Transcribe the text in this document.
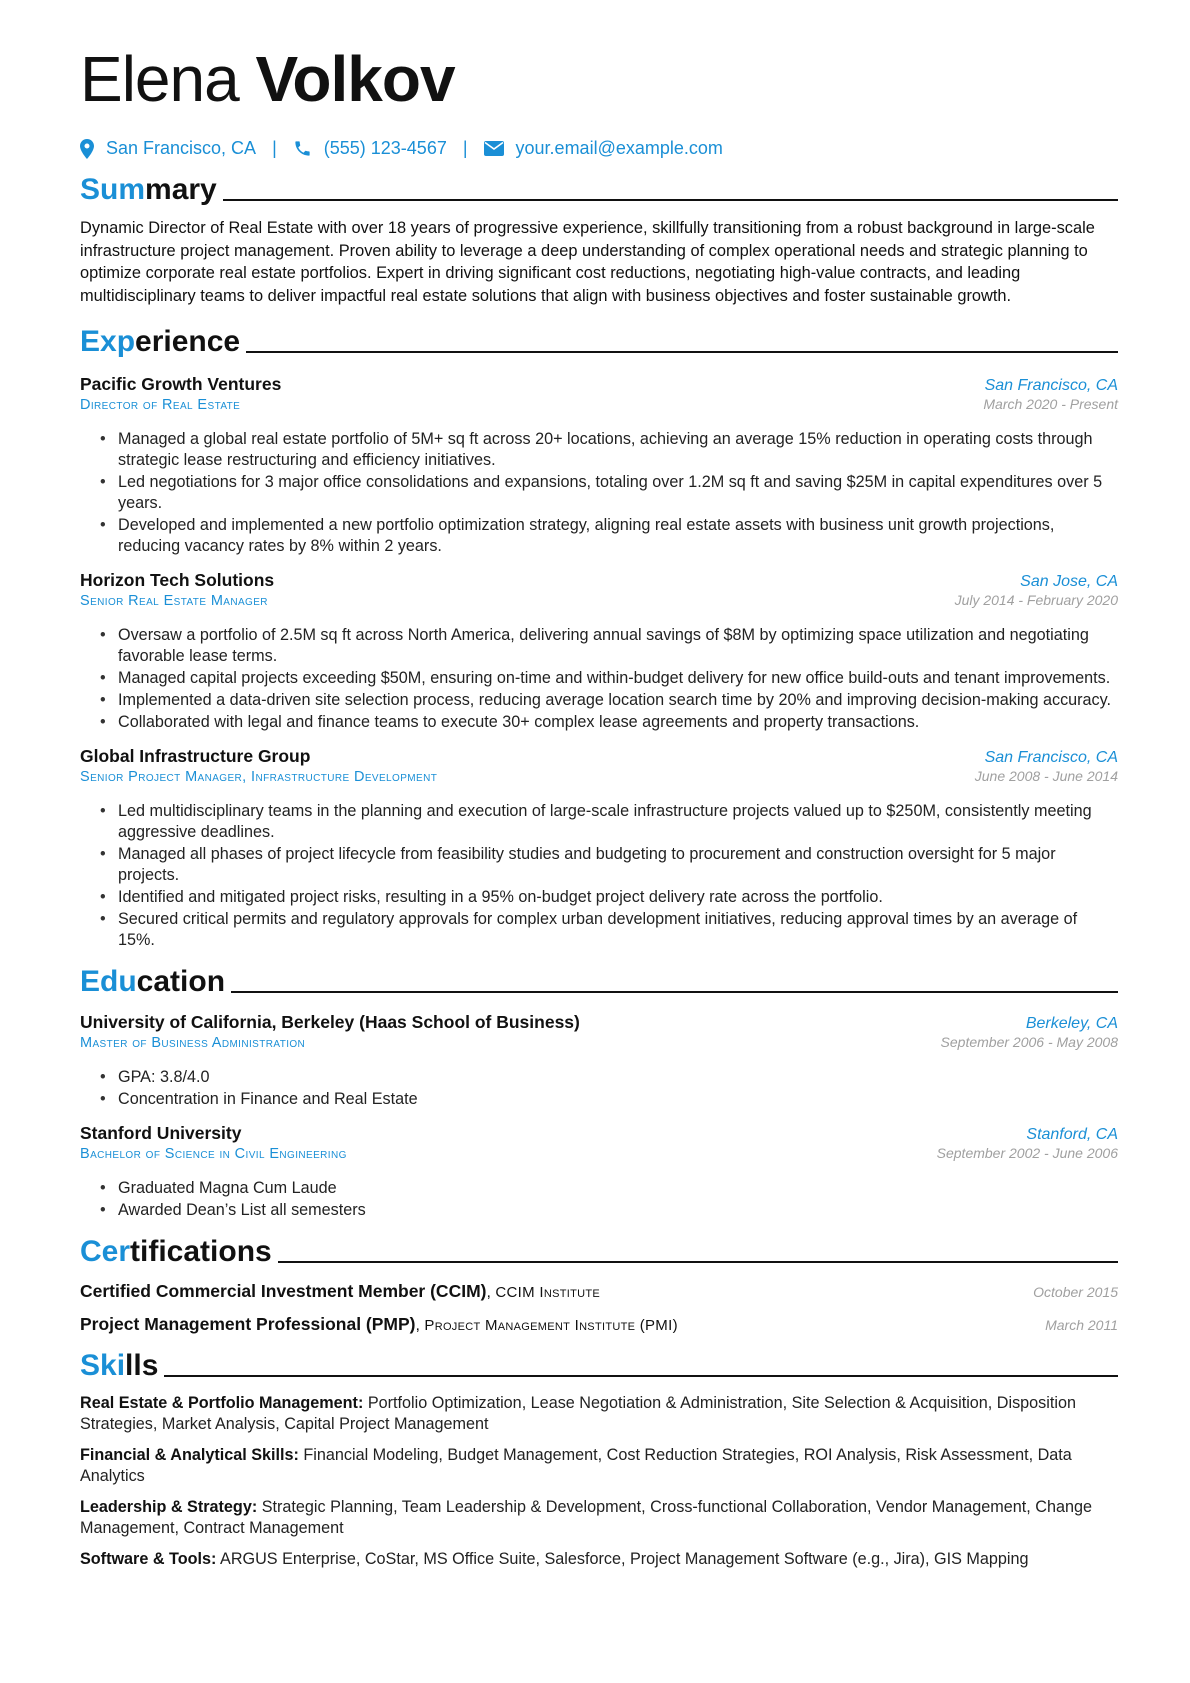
Elena Volkov
San Francisco, CA |	(555) 123-4567 |	your.email@example.com
Summary
Dynamic Director of Real Estate with over 18 years of progressive experience, skillfully transitioning from a robust background in large-scale infrastructure project management. Proven ability to leverage a deep understanding of complex operational needs and strategic planning to optimize corporate real estate portfolios. Expert in driving significant cost reductions, negotiating high-value contracts, and leading multidisciplinary teams to deliver impactful real estate solutions that align with business objectives and foster sustainable growth.
Experience
Pacific Growth Ventures	San Francisco, CA
Director of Real Estate	March 2020 - Present
• Managed a global real estate portfolio of 5M+ sq ft across 20+ locations, achieving an average 15% reduction in operating costs through strategic lease restructuring and efficiency initiatives.
• Led negotiations for 3 major office consolidations and expansions, totaling over 1.2M sq ft and saving $25M in capital expenditures over 5 years.
• Developed and implemented a new portfolio optimization strategy, aligning real estate assets with business unit growth projections, reducing vacancy rates by 8% within 2 years.
Horizon Tech Solutions	San Jose, CA
Senior Real Estate Manager	July 2014 - February 2020
• Oversaw a portfolio of 2.5M sq ft across North America, delivering annual savings of $8M by optimizing space utilization and negotiating favorable lease terms.
• Managed capital projects exceeding $50M, ensuring on-time and within-budget delivery for new office build-outs and tenant improvements.
• Implemented a data-driven site selection process, reducing average location search time by 20% and improving decision-making accuracy.
• Collaborated with legal and finance teams to execute 30+ complex lease agreements and property transactions.
Global Infrastructure Group	San Francisco, CA
Senior Project Manager, Infrastructure Development	June 2008 - June 2014
• Led multidisciplinary teams in the planning and execution of large-scale infrastructure projects valued up to $250M, consistently meeting aggressive deadlines.
• Managed all phases of project lifecycle from feasibility studies and budgeting to procurement and construction oversight for 5 major projects.
• Identified and mitigated project risks, resulting in a 95% on-budget project delivery rate across the portfolio.
• Secured critical permits and regulatory approvals for complex urban development initiatives, reducing approval times by an average of 15%.
Education
University of California, Berkeley (Haas School of Business)	Berkeley, CA
Master of Business Administration	September 2006 - May 2008
• GPA: 3.8/4.0
• Concentration in Finance and Real Estate
Stanford University	Stanford, CA
Bachelor of Science in Civil Engineering	September 2002 - June 2006
• Graduated Magna Cum Laude
• Awarded Dean’s List all semesters
Certifications
Certified Commercial Investment Member (CCIM), CCIM Institute	October 2015
Project Management Professional (PMP), Project Management Institute (PMI)	March 2011
Skills
Real Estate & Portfolio Management: Portfolio Optimization, Lease Negotiation & Administration, Site Selection & Acquisition, Disposition Strategies, Market Analysis, Capital Project Management
Financial & Analytical Skills: Financial Modeling, Budget Management, Cost Reduction Strategies, ROI Analysis, Risk Assessment, Data Analytics
Leadership & Strategy: Strategic Planning, Team Leadership & Development, Cross-functional Collaboration, Vendor Management, Change Management, Contract Management
Software & Tools: ARGUS Enterprise, CoStar, MS Office Suite, Salesforce, Project Management Software (e.g., Jira), GIS Mapping
